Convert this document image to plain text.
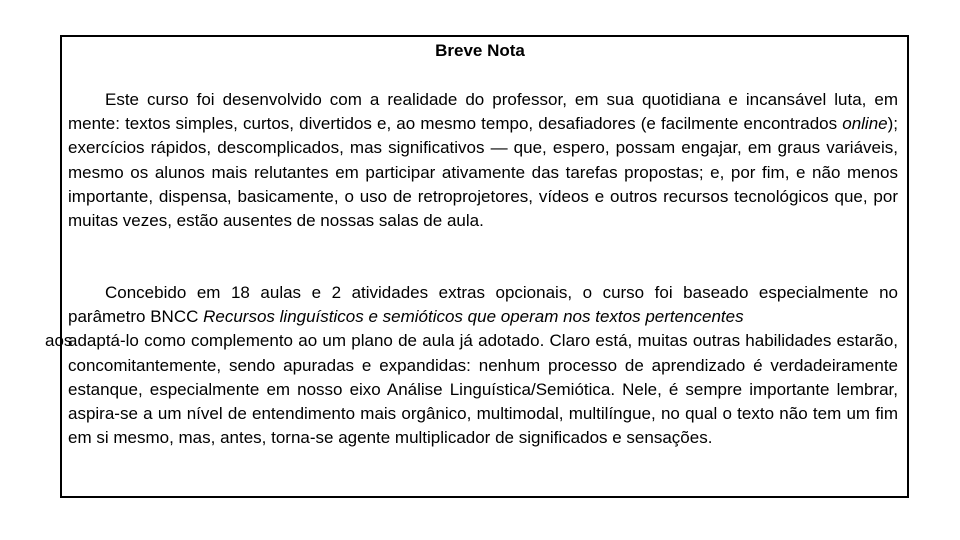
Breve Nota

Este curso foi desenvolvido com a realidade do professor, em sua quotidiana e incansável luta, em mente: textos simples, curtos, divertidos e, ao mesmo tempo, desafiadores (e facilmente encontrados online); exercícios rápidos, descomplicados, mas significativos — que, espero, possam engajar, em graus variáveis, mesmo os alunos mais relutantes em participar ativamente das tarefas propostas; e, por fim, e não menos importante, dispensa, basicamente, o uso de retroprojetores, vídeos e outros recursos tecnológicos que, por muitas vezes, estão ausentes de nossas salas de aula.

Concebido em 18 aulas e 2 atividades extras opcionais, o curso foi baseado especialmente no parâmetro BNCC Recursos linguísticos e semióticos que operam nos textos pertencentes
adaptá-lo como complemento ao um plano de aula já adotado. Claro está, muitas outras habilidades estarão, concomitantemente, sendo apuradas e expandidas: nenhum processo de aprendizado é verdadeiramente estanque, especialmente em nosso eixo Análise Linguística/Semiótica. Nele, é sempre importante lembrar, aspira-se a um nível de entendimento mais orgânico, multimodal, multilíngue, no qual o texto não tem um fim em si mesmo, mas, antes, torna-se agente multiplicador de significados e sensações.

aos
